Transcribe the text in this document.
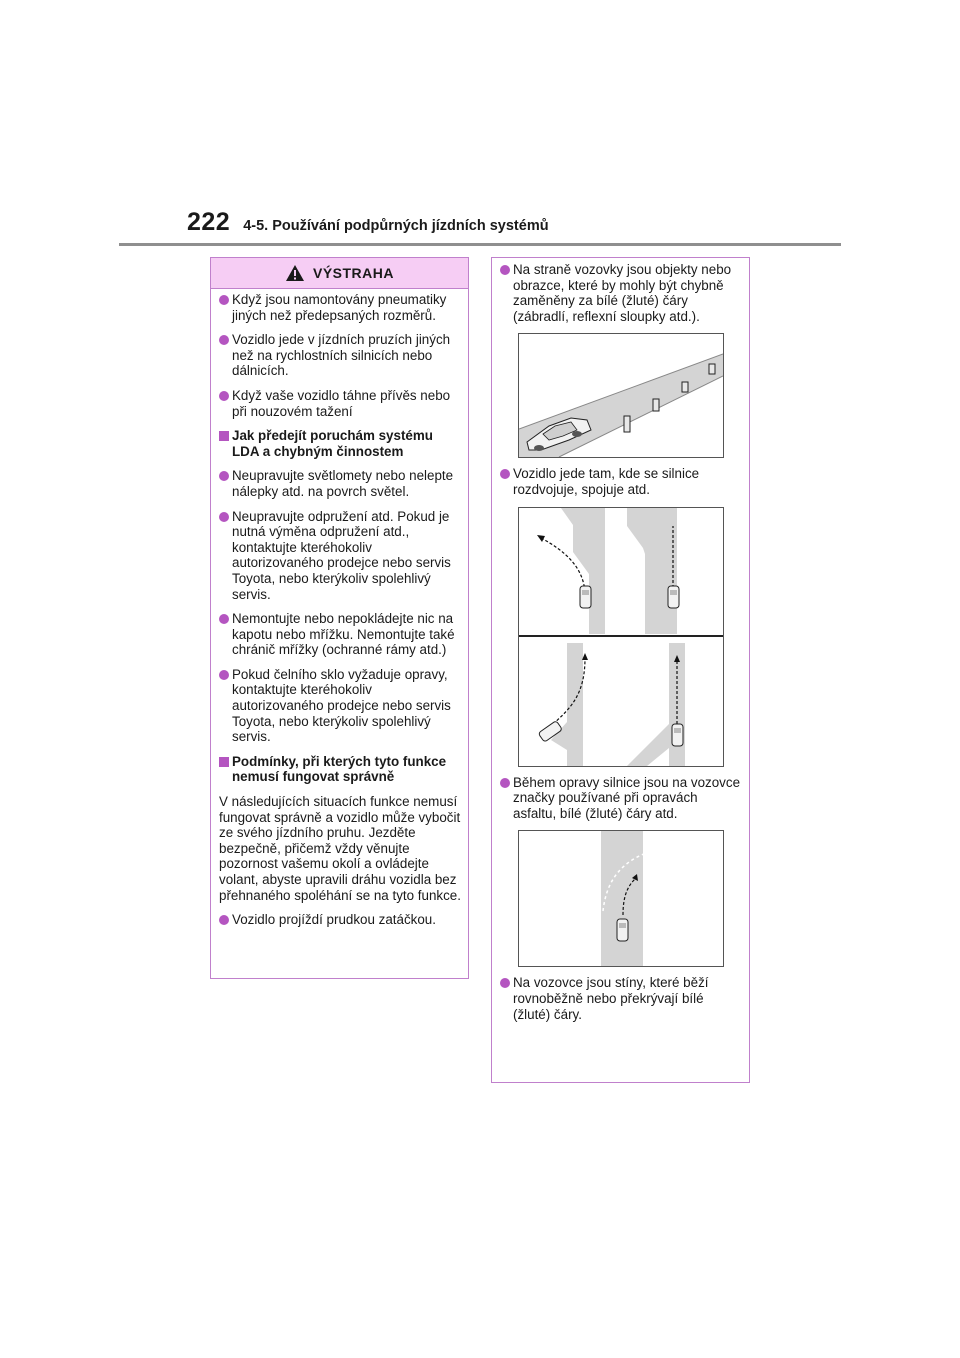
222 4-5. Používání podpůrných jízdních systémů
VÝSTRAHA
Když jsou namontovány pneumatiky jiných než předepsaných rozměrů.
Vozidlo jede v jízdních pruzích jiných než na rychlostních silnicích nebo dálnicích.
Když vaše vozidlo táhne přívěs nebo při nouzovém tažení
Jak předejít poruchám systému LDA a chybným činnostem
Neupravujte světlomety nebo nelepte nálepky atd. na povrch světel.
Neupravujte odpružení atd. Pokud je nutná výměna odpružení atd., kontaktujte kteréhokoliv autorizovaného prodejce nebo servis Toyota, nebo kterýkoliv spolehlivý servis.
Nemontujte nebo nepokládejte nic na kapotu nebo mřížku. Nemontujte také chránič mřížky (ochranné rámy atd.)
Pokud čelního sklo vyžaduje opravy, kontaktujte kteréhokoliv autorizovaného prodejce nebo servis Toyota, nebo kterýkoliv spolehlivý servis.
Podmínky, při kterých tyto funkce nemusí fungovat správně
V následujících situacích funkce nemusí fungovat správně a vozidlo může vybočit ze svého jízdního pruhu. Jezděte bezpečně, přičemž vždy věnujte pozornost vašemu okolí a ovládejte volant, abyste upravili dráhu vozidla bez přehnaného spoléhání se na tyto funkce.
Vozidlo projíždí prudkou zatáčkou.
Na straně vozovky jsou objekty nebo obrazce, které by mohly být chybně zaměněny za bílé (žluté) čáry (zábradlí, reflexní sloupky atd.).
Vozidlo jede tam, kde se silnice rozdvojuje, spojuje atd.
Během opravy silnice jsou na vozovce značky používané při opravách asfaltu, bílé (žluté) čáry atd.
Na vozovce jsou stíny, které běží rovnoběžně nebo překrývají bílé (žluté) čáry.
